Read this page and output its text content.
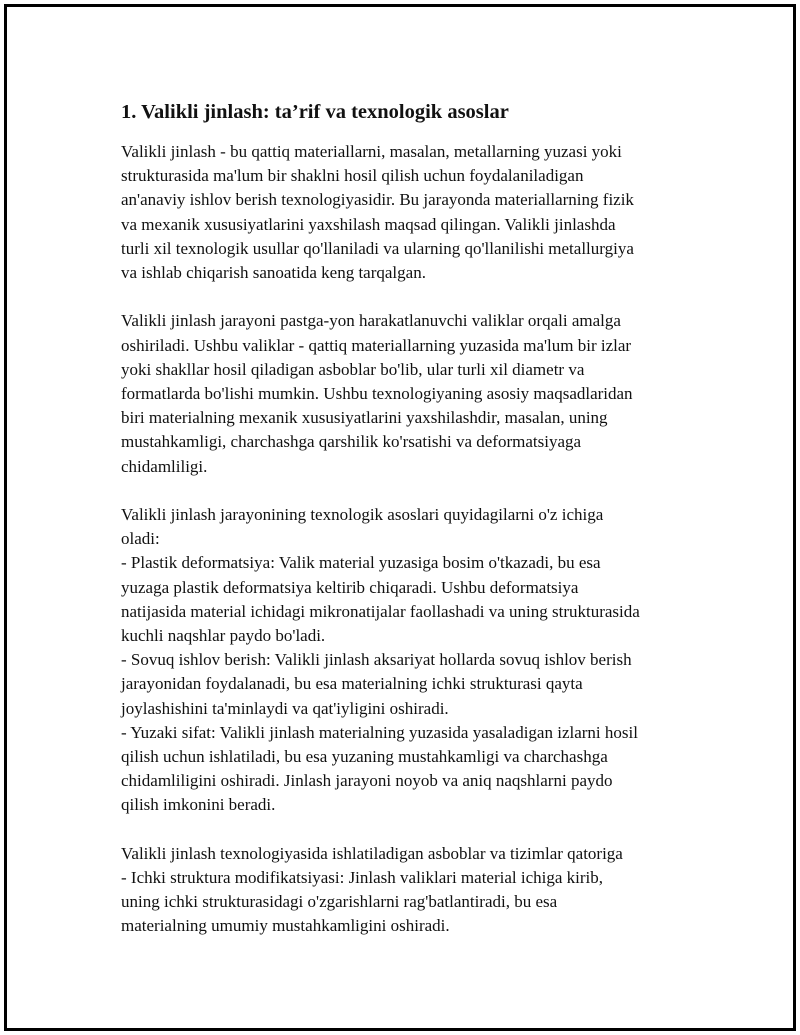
1. Valikli jinlash: ta’rif va texnologik asoslar
Valikli jinlash - bu qattiq materiallarni, masalan, metallarning yuzasi yoki
strukturasida ma'lum bir shaklni hosil qilish uchun foydalaniladigan
an'anaviy ishlov berish texnologiyasidir. Bu jarayonda materiallarning fizik
va mexanik xususiyatlarini yaxshilash maqsad qilingan. Valikli jinlashda
turli xil texnologik usullar qo'llaniladi va ularning qo'llanilishi metallurgiya
va ishlab chiqarish sanoatida keng tarqalgan.
Valikli jinlash jarayoni pastga-yon harakatlanuvchi valiklar orqali amalga
oshiriladi. Ushbu valiklar - qattiq materiallarning yuzasida ma'lum bir izlar
yoki shakllar hosil qiladigan asboblar bo'lib, ular turli xil diametr va
formatlarda bo'lishi mumkin. Ushbu texnologiyaning asosiy maqsadlaridan
biri materialning mexanik xususiyatlarini yaxshilashdir, masalan, uning
mustahkamligi, charchashga qarshilik ko'rsatishi va deformatsiyaga
chidamliligi.
Valikli jinlash jarayonining texnologik asoslari quyidagilarni o'z ichiga
oladi:
- Plastik deformatsiya: Valik material yuzasiga bosim o'tkazadi, bu esa
yuzaga plastik deformatsiya keltirib chiqaradi. Ushbu deformatsiya
natijasida material ichidagi mikronatijalar faollashadi va uning strukturasida
kuchli naqshlar paydo bo'ladi.
- Sovuq ishlov berish: Valikli jinlash aksariyat hollarda sovuq ishlov berish
jarayonidan foydalanadi, bu esa materialning ichki strukturasi qayta
joylashishini ta'minlaydi va qat'iyligini oshiradi.
- Yuzaki sifat: Valikli jinlash materialning yuzasida yasaladigan izlarni hosil
qilish uchun ishlatiladi, bu esa yuzaning mustahkamligi va charchashga
chidamliligini oshiradi. Jinlash jarayoni noyob va aniq naqshlarni paydo
qilish imkonini beradi.
Valikli jinlash texnologiyasida ishlatiladigan asboblar va tizimlar qatoriga
- Ichki struktura modifikatsiyasi: Jinlash valiklari material ichiga kirib,
uning ichki strukturasidagi o'zgarishlarni rag'batlantiradi, bu esa
materialning umumiy mustahkamligini oshiradi.
